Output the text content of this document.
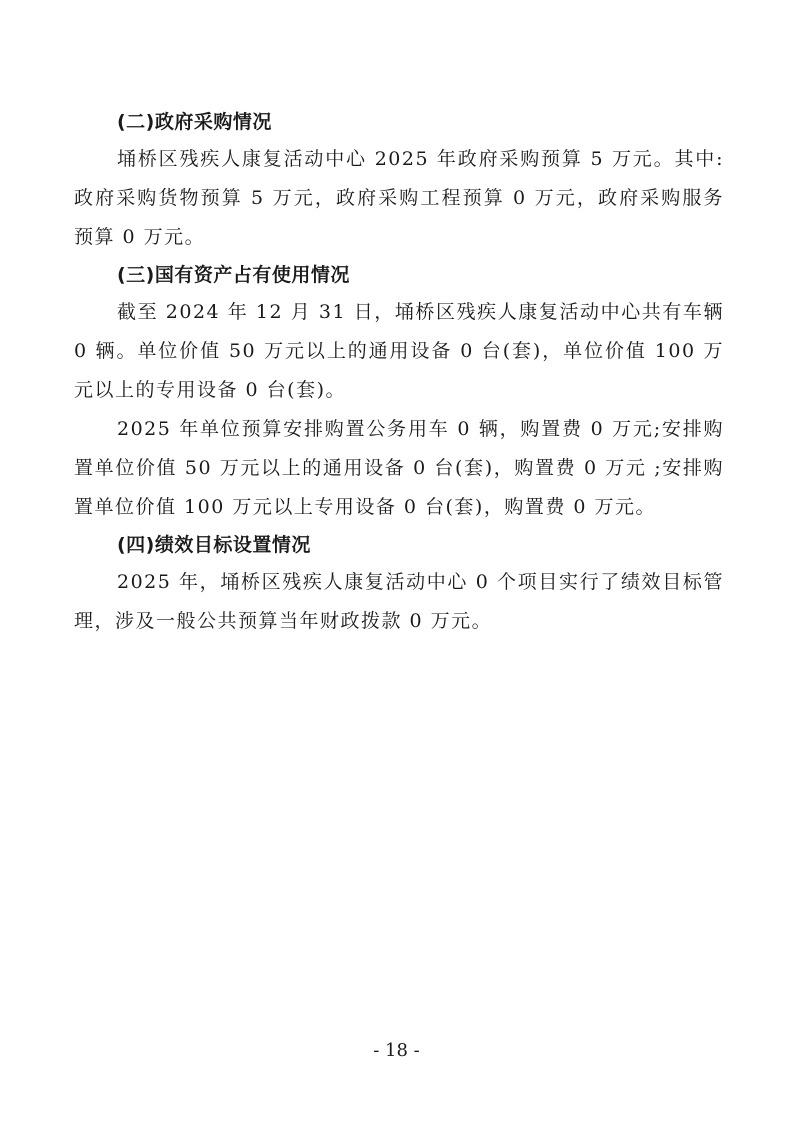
(二)政府采购情况

埇桥区残疾人康复活动中心 2025 年政府采购预算 5 万元。其中:政府采购货物预算 5 万元，政府采购工程预算 0 万元，政府采购服务预算 0 万元。

(三)国有资产占有使用情况

截至 2024 年 12 月 31 日，埇桥区残疾人康复活动中心共有车辆 0 辆。单位价值 50 万元以上的通用设备 0 台(套)，单位价值 100 万元以上的专用设备 0 台(套)。

2025 年单位预算安排购置公务用车 0 辆，购置费 0 万元;安排购置单位价值 50 万元以上的通用设备 0 台(套)，购置费 0 万元 ;安排购置单位价值 100 万元以上专用设备 0 台(套)，购置费 0 万元。

(四)绩效目标设置情况

2025 年，埇桥区残疾人康复活动中心 0 个项目实行了绩效目标管理，涉及一般公共预算当年财政拨款 0 万元。

- 18 -
